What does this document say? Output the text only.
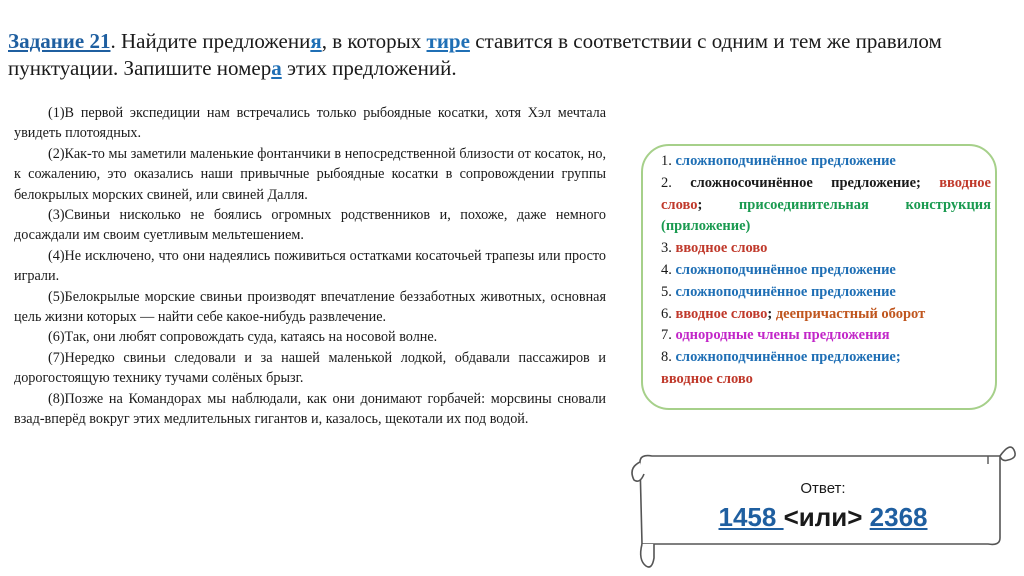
Задание 21. Найдите предложения, в которых тире ставится в соответствии с одним и тем же правилом пунктуации. Запишите номера этих предложений.

(1)В первой экспедиции нам встречались только рыбоядные косатки, хотя Хэл мечтала увидеть плотоядных.

(2)Как-то мы заметили маленькие фонтанчики в непосредственной близости от косаток, но, к сожалению, это оказались наши привычные рыбоядные косатки в сопровождении группы белокрылых морских свиней, или свиней Далля.

(3)Свиньи нисколько не боялись огромных родственников и, похоже, даже немного досаждали им своим суетливым мельтешением.

(4)Не исключено, что они надеялись поживиться остатками косаточьей трапезы или просто играли.

(5)Белокрылые морские свиньи производят впечатление беззаботных животных, основная цель жизни которых — найти себе какое-нибудь развлечение.

(6)Так, они любят сопровождать суда, катаясь на носовой волне.

(7)Нередко свиньи следовали и за нашей маленькой лодкой, обдавали пассажиров и дорогостоящую технику тучами солёных брызг.

(8)Позже на Командорах мы наблюдали, как они донимают горбачей: морсвины сновали взад-вперёд вокруг этих медлительных гигантов и, казалось, щекотали их под водой.

1. сложноподчинённое предложение

2. сложносочинённое предложение; вводное слово; присоединительная конструкция (приложение)

3. вводное слово

4. сложноподчинённое предложение

5. сложноподчинённое предложение

6. вводное слово; деепричастный оборот

7. однородные члены предложения

8. сложноподчинённое предложение;
вводное слово

Ответ:
1458 <или> 2368
